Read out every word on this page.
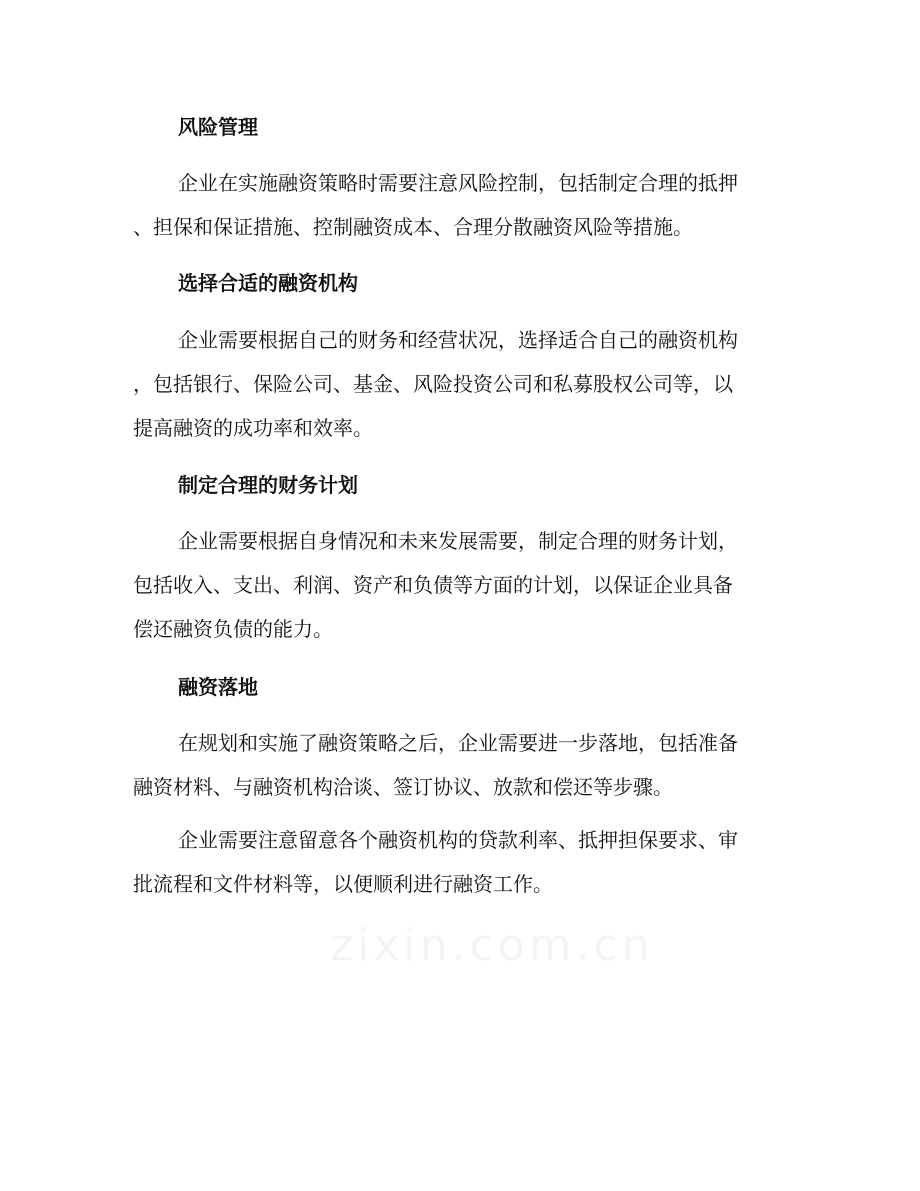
风险管理
企业在实施融资策略时需要注意风险控制，包括制定合理的抵押
、担保和保证措施、控制融资成本、合理分散融资风险等措施。
选择合适的融资机构
企业需要根据自己的财务和经营状况，选择适合自己的融资机构
，包括银行、保险公司、基金、风险投资公司和私募股权公司等，以
提高融资的成功率和效率。
制定合理的财务计划
企业需要根据自身情况和未来发展需要，制定合理的财务计划，
包括收入、支出、利润、资产和负债等方面的计划，以保证企业具备
偿还融资负债的能力。
融资落地
在规划和实施了融资策略之后，企业需要进一步落地，包括准备
融资材料、与融资机构洽谈、签订协议、放款和偿还等步骤。
企业需要注意留意各个融资机构的贷款利率、抵押担保要求、审
批流程和文件材料等，以便顺利进行融资工作。
